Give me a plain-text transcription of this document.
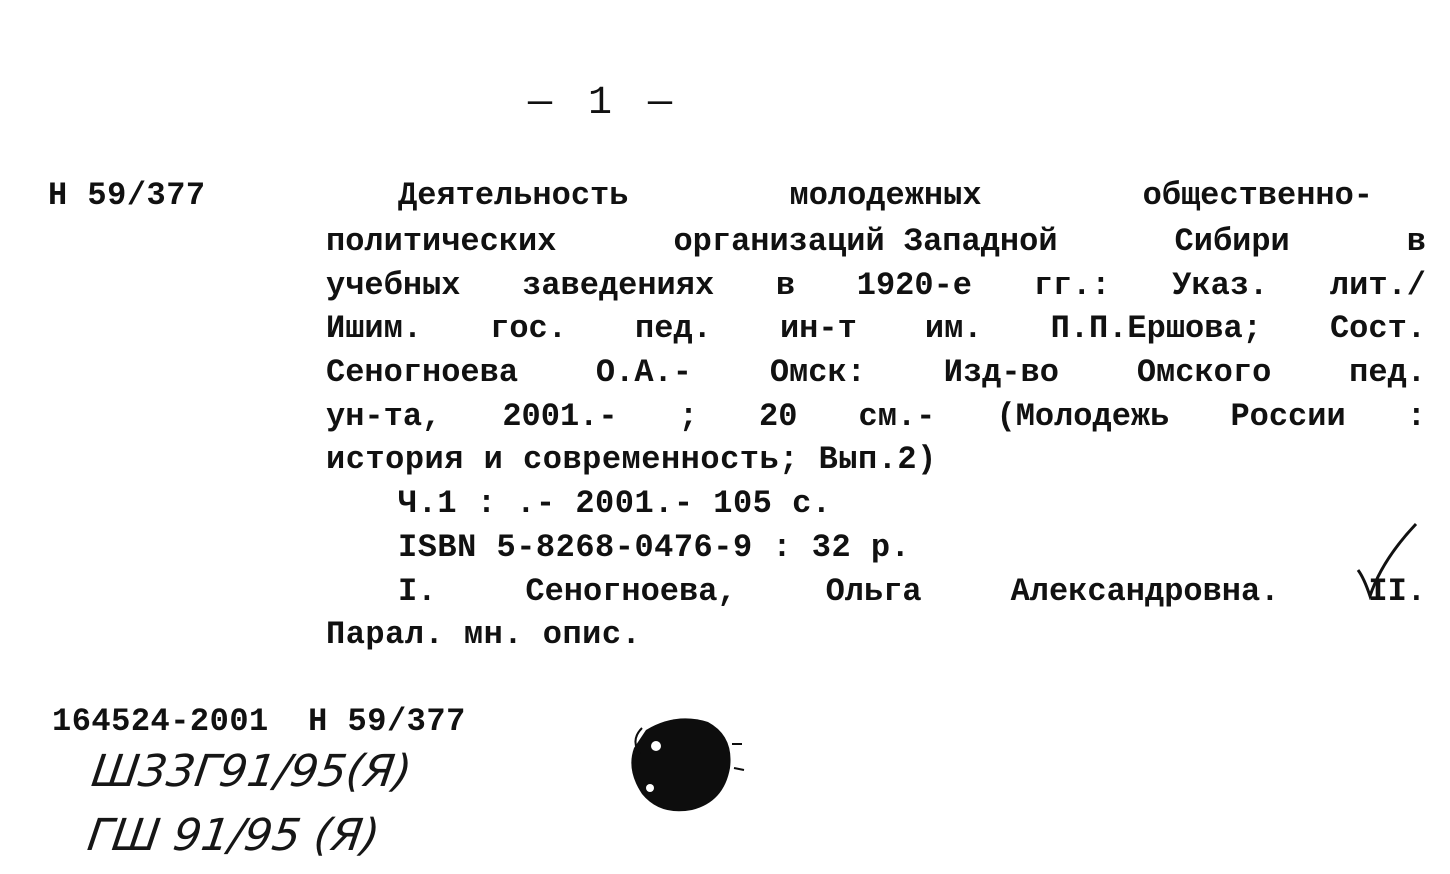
— 1 —
Н 59/377	Деятельность	молодежных	общественно-
политических	организаций Западной	Сибири	в
учебных заведениях в 1920-е гг.: Указ. лит./
Ишим. гос. пед. ин-т им. П.П.Ершова; Сост.
Сеногноева О.А.- Омск: Изд-во Омского пед.
ун-та, 2001.- ; 20 см.- (Молодежь России :
история и современность; Вып.2)
Ч.1 : .- 2001.- 105 с.
ISBN 5-8268-0476-9 : 32 р.
I.	Сеногноева,	Ольга	Александровна.	II.
Парал. мн. опис.
164524-2001  Н 59/377
Ш33Г91/95(Я)
ГШ 91/95 (Я)
